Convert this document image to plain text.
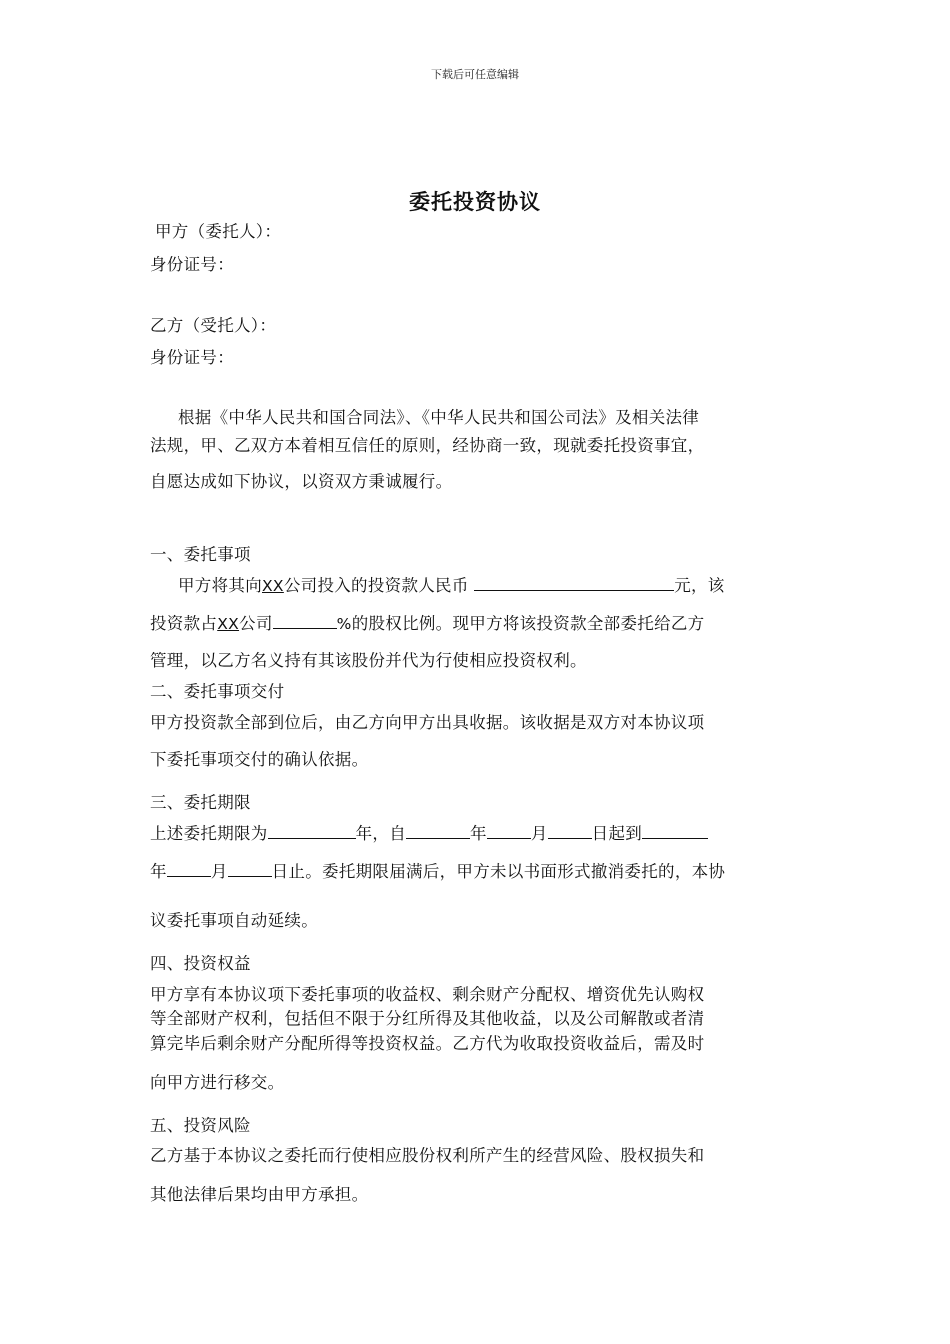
下载后可任意编辑
委托投资协议
甲方（委托人）：
身份证号：
乙方（受托人）：
身份证号：
根据《中华人民共和国合同法》、《中华人民共和国公司法》及相关法律
法规，甲、乙双方本着相互信任的原则，经协商一致，现就委托投资事宜，
自愿达成如下协议，以资双方秉诚履行。
一、委托事项
甲方将其向XX公司投入的投资款人民币	元，该
投资款占XX公司	%的股权比例。现甲方将该投资款全部委托给乙方
管理，以乙方名义持有其该股份并代为行使相应投资权利。
二、委托事项交付
甲方投资款全部到位后，由乙方向甲方出具收据。该收据是双方对本协议项
下委托事项交付的确认依据。
三、委托期限
上述委托期限为	年，自	年	月	日起到
年	月	日止。委托期限届满后，甲方未以书面形式撤消委托的，本协
议委托事项自动延续。
四、投资权益
甲方享有本协议项下委托事项的收益权、剩余财产分配权、增资优先认购权
等全部财产权利，包括但不限于分红所得及其他收益，以及公司解散或者清
算完毕后剩余财产分配所得等投资权益。乙方代为收取投资收益后，需及时
向甲方进行移交。
五、投资风险
乙方基于本协议之委托而行使相应股份权利所产生的经营风险、股权损失和
其他法律后果均由甲方承担。
